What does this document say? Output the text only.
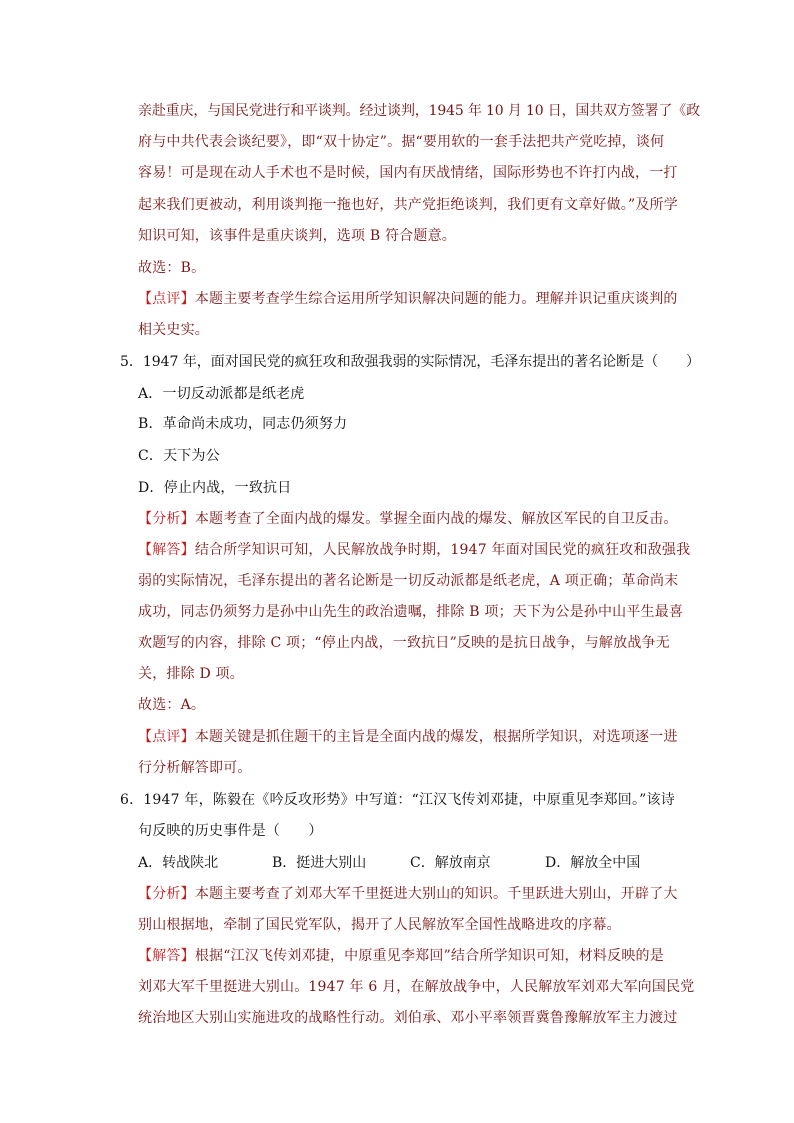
亲赴重庆，与国民党进行和平谈判。经过谈判，1945 年 10 月 10 日，国共双方签署了《政
府与中共代表会谈纪要》，即“双十协定”。据“要用软的一套手法把共产党吃掉，谈何
容易！可是现在动人手术也不是时候，国内有厌战情绪，国际形势也不许打内战，一打
起来我们更被动，利用谈判拖一拖也好，共产党拒绝谈判，我们更有文章好做。”及所学
知识可知，该事件是重庆谈判，选项 B 符合题意。
故选：B。
【点评】本题主要考查学生综合运用所学知识解决问题的能力。理解并识记重庆谈判的
相关史实。
5．1947 年，面对国民党的疯狂攻和敌强我弱的实际情况，毛泽东提出的著名论断是（　　）
A．一切反动派都是纸老虎
B．革命尚未成功，同志仍须努力
C．天下为公
D．停止内战，一致抗日
【分析】本题考查了全面内战的爆发。掌握全面内战的爆发、解放区军民的自卫反击。
【解答】结合所学知识可知，人民解放战争时期，1947 年面对国民党的疯狂攻和敌强我
弱的实际情况，毛泽东提出的著名论断是一切反动派都是纸老虎，A 项正确；革命尚末
成功，同志仍须努力是孙中山先生的政治遗嘱，排除 B 项；天下为公是孙中山平生最喜
欢题写的内容，排除 C 项；“停止内战，一致抗日”反映的是抗日战争，与解放战争无
关，排除 D 项。
故选：A。
【点评】本题关键是抓住题干的主旨是全面内战的爆发，根据所学知识，对选项逐一进
行分析解答即可。
6．1947 年，陈毅在《吟反攻形势》中写道：“江汉飞传刘邓捷，中原重见李郑回。”该诗
句反映的历史事件是（　　）
A．转战陕北	B．挺进大别山	C．解放南京	D．解放全中国
【分析】本题主要考查了刘邓大军千里挺进大别山的知识。千里跃进大别山，开辟了大
别山根据地，牵制了国民党军队，揭开了人民解放军全国性战略进攻的序幕。
【解答】根据“江汉飞传刘邓捷，中原重见李郑回”结合所学知识可知，材料反映的是
刘邓大军千里挺进大别山。1947 年 6 月，在解放战争中，人民解放军刘邓大军向国民党
统治地区大别山实施进攻的战略性行动。刘伯承、邓小平率领晋冀鲁豫解放军主力渡过
